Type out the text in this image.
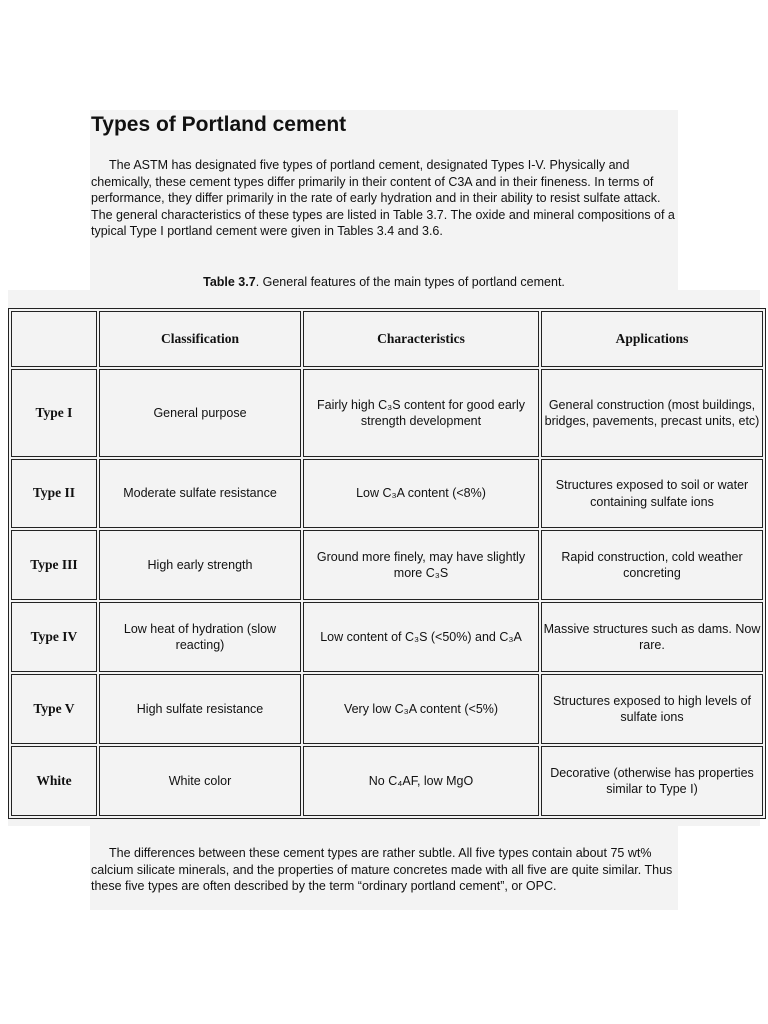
Types of Portland cement

The ASTM has designated five types of portland cement, designated Types I-V. Physically and chemically, these cement types differ primarily in their content of C3A and in their fineness. In terms of performance, they differ primarily in the rate of early hydration and in their ability to resist sulfate attack. The general characteristics of these types are listed in Table 3.7. The oxide and mineral compositions of a typical Type I portland cement were given in Tables 3.4 and 3.6.

Table 3.7. General features of the main types of portland cement.
	Classification	Characteristics	Applications
Type I	General purpose	Fairly high C₃S content for good early strength development	General construction (most buildings, bridges, pavements, precast units, etc)
Type II	Moderate sulfate resistance	Low C₃A content (<8%)	Structures exposed to soil or water containing sulfate ions
Type III	High early strength	Ground more finely, may have slightly more C₃S	Rapid construction, cold weather concreting
Type IV	Low heat of hydration (slow reacting)	Low content of C₃S (<50%) and C₃A	Massive structures such as dams. Now rare.
Type V	High sulfate resistance	Very low C₃A content (<5%)	Structures exposed to high levels of sulfate ions
White	White color	No C₄AF, low MgO	Decorative (otherwise has properties similar to Type I)

The differences between these cement types are rather subtle. All five types contain about 75 wt% calcium silicate minerals, and the properties of mature concretes made with all five are quite similar. Thus these five types are often described by the term “ordinary portland cement”, or OPC.
